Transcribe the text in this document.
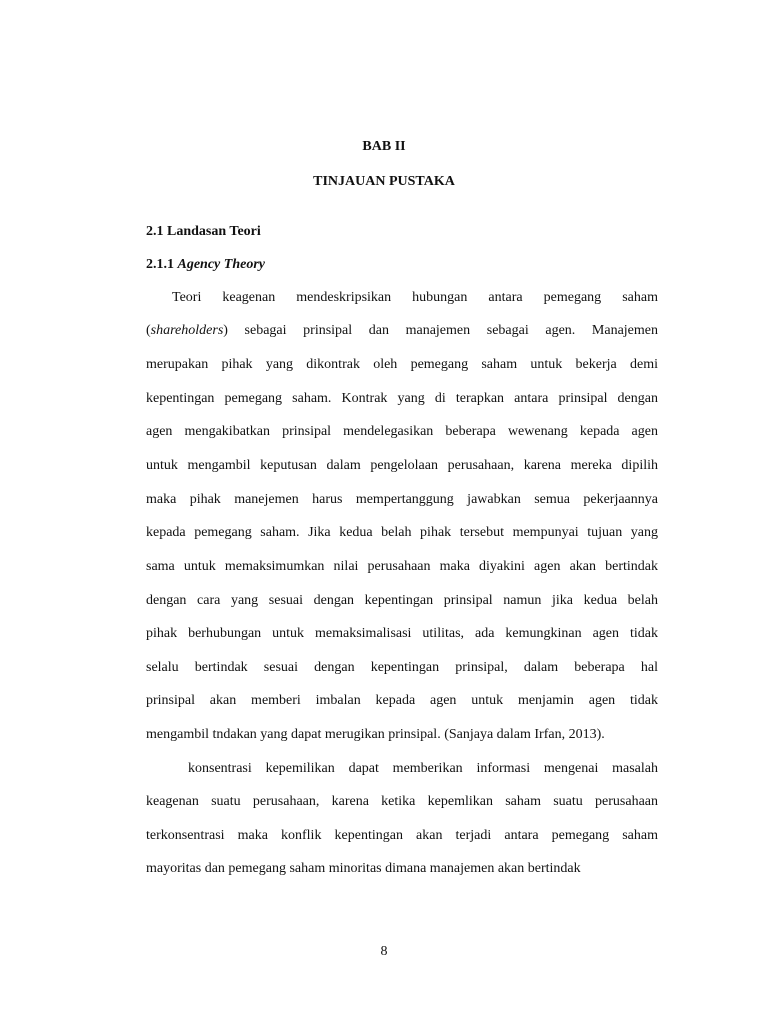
BAB II
TINJAUAN PUSTAKA
2.1 Landasan Teori
2.1.1 Agency Theory
Teori keagenan mendeskripsikan hubungan antara pemegang saham
(shareholders) sebagai prinsipal dan manajemen sebagai agen. Manajemen
merupakan pihak yang dikontrak oleh pemegang saham untuk bekerja demi
kepentingan pemegang saham. Kontrak yang di terapkan antara prinsipal dengan
agen mengakibatkan prinsipal mendelegasikan beberapa wewenang kepada agen
untuk mengambil keputusan dalam pengelolaan perusahaan, karena mereka dipilih
maka pihak manejemen harus mempertanggung jawabkan semua pekerjaannya
kepada pemegang saham. Jika kedua belah pihak tersebut mempunyai tujuan yang
sama untuk memaksimumkan nilai perusahaan maka diyakini agen akan bertindak
dengan cara yang sesuai dengan kepentingan prinsipal namun jika kedua belah
pihak berhubungan untuk memaksimalisasi utilitas, ada kemungkinan agen tidak
selalu bertindak sesuai dengan kepentingan prinsipal, dalam beberapa hal
prinsipal akan memberi imbalan kepada agen untuk menjamin agen tidak
mengambil tndakan yang dapat merugikan prinsipal. (Sanjaya dalam Irfan, 2013).
konsentrasi kepemilikan dapat memberikan informasi mengenai masalah
keagenan suatu perusahaan, karena ketika kepemlikan saham suatu perusahaan
terkonsentrasi maka konflik kepentingan akan terjadi antara pemegang saham
mayoritas dan pemegang saham minoritas dimana manajemen akan bertindak
8
